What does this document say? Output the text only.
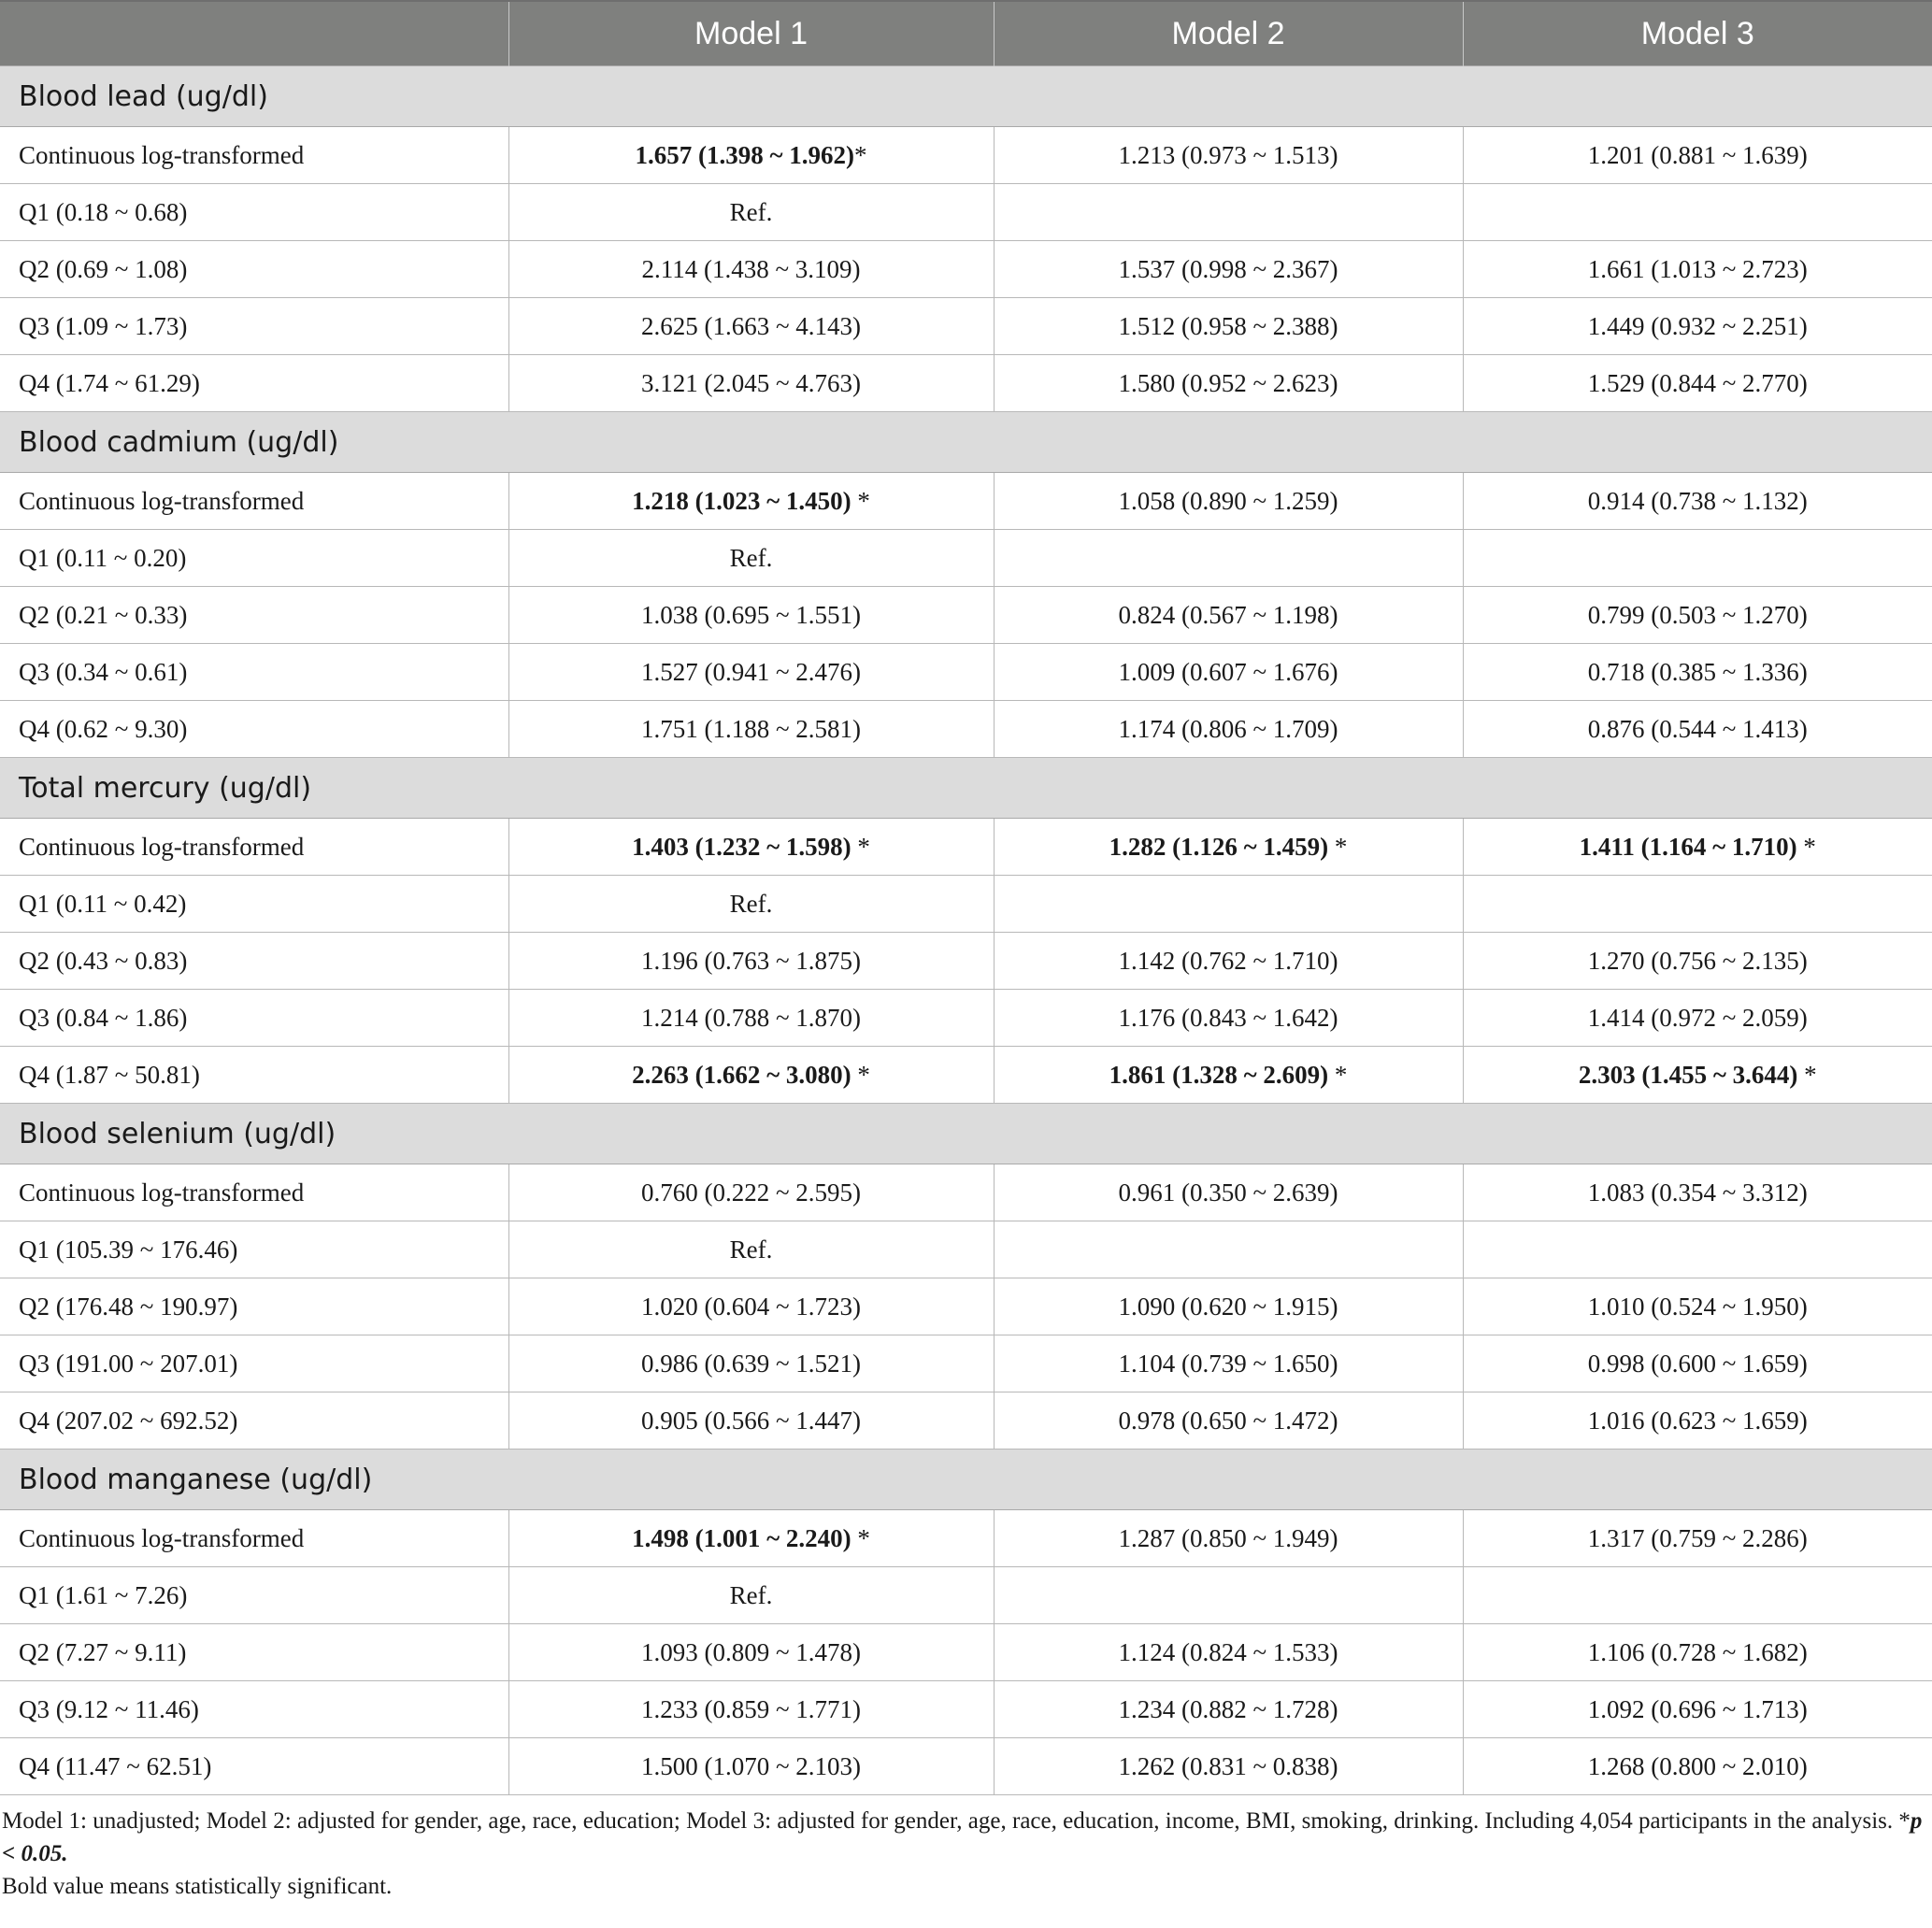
	Model 1	Model 2	Model 3
Blood lead (ug/dl)			
Continuous log-transformed	1.657 (1.398 ~ 1.962)*	1.213 (0.973 ~ 1.513)	1.201 (0.881 ~ 1.639)
Q1 (0.18 ~ 0.68)	Ref.		
Q2 (0.69 ~ 1.08)	2.114 (1.438 ~ 3.109)	1.537 (0.998 ~ 2.367)	1.661 (1.013 ~ 2.723)
Q3 (1.09 ~ 1.73)	2.625 (1.663 ~ 4.143)	1.512 (0.958 ~ 2.388)	1.449 (0.932 ~ 2.251)
Q4 (1.74 ~ 61.29)	3.121 (2.045 ~ 4.763)	1.580 (0.952 ~ 2.623)	1.529 (0.844 ~ 2.770)
Blood cadmium (ug/dl)			
Continuous log-transformed	1.218 (1.023 ~ 1.450) *	1.058 (0.890 ~ 1.259)	0.914 (0.738 ~ 1.132)
Q1 (0.11 ~ 0.20)	Ref.		
Q2 (0.21 ~ 0.33)	1.038 (0.695 ~ 1.551)	0.824 (0.567 ~ 1.198)	0.799 (0.503 ~ 1.270)
Q3 (0.34 ~ 0.61)	1.527 (0.941 ~ 2.476)	1.009 (0.607 ~ 1.676)	0.718 (0.385 ~ 1.336)
Q4 (0.62 ~ 9.30)	1.751 (1.188 ~ 2.581)	1.174 (0.806 ~ 1.709)	0.876 (0.544 ~ 1.413)
Total mercury (ug/dl)			
Continuous log-transformed	1.403 (1.232 ~ 1.598) *	1.282 (1.126 ~ 1.459) *	1.411 (1.164 ~ 1.710) *
Q1 (0.11 ~ 0.42)	Ref.		
Q2 (0.43 ~ 0.83)	1.196 (0.763 ~ 1.875)	1.142 (0.762 ~ 1.710)	1.270 (0.756 ~ 2.135)
Q3 (0.84 ~ 1.86)	1.214 (0.788 ~ 1.870)	1.176 (0.843 ~ 1.642)	1.414 (0.972 ~ 2.059)
Q4 (1.87 ~ 50.81)	2.263 (1.662 ~ 3.080) *	1.861 (1.328 ~ 2.609) *	2.303 (1.455 ~ 3.644) *
Blood selenium (ug/dl)			
Continuous log-transformed	0.760 (0.222 ~ 2.595)	0.961 (0.350 ~ 2.639)	1.083 (0.354 ~ 3.312)
Q1 (105.39 ~ 176.46)	Ref.		
Q2 (176.48 ~ 190.97)	1.020 (0.604 ~ 1.723)	1.090 (0.620 ~ 1.915)	1.010 (0.524 ~ 1.950)
Q3 (191.00 ~ 207.01)	0.986 (0.639 ~ 1.521)	1.104 (0.739 ~ 1.650)	0.998 (0.600 ~ 1.659)
Q4 (207.02 ~ 692.52)	0.905 (0.566 ~ 1.447)	0.978 (0.650 ~ 1.472)	1.016 (0.623 ~ 1.659)
Blood manganese (ug/dl)			
Continuous log-transformed	1.498 (1.001 ~ 2.240) *	1.287 (0.850 ~ 1.949)	1.317 (0.759 ~ 2.286)
Q1 (1.61 ~ 7.26)	Ref.		
Q2 (7.27 ~ 9.11)	1.093 (0.809 ~ 1.478)	1.124 (0.824 ~ 1.533)	1.106 (0.728 ~ 1.682)
Q3 (9.12 ~ 11.46)	1.233 (0.859 ~ 1.771)	1.234 (0.882 ~ 1.728)	1.092 (0.696 ~ 1.713)
Q4 (11.47 ~ 62.51)	1.500 (1.070 ~ 2.103)	1.262 (0.831 ~ 0.838)	1.268 (0.800 ~ 2.010)
Model 1: unadjusted; Model 2: adjusted for gender, age, race, education; Model 3: adjusted for gender, age, race, education, income, BMI, smoking, drinking. Including 4,054 participants in the analysis. *p < 0.05.
Bold value means statistically significant.
